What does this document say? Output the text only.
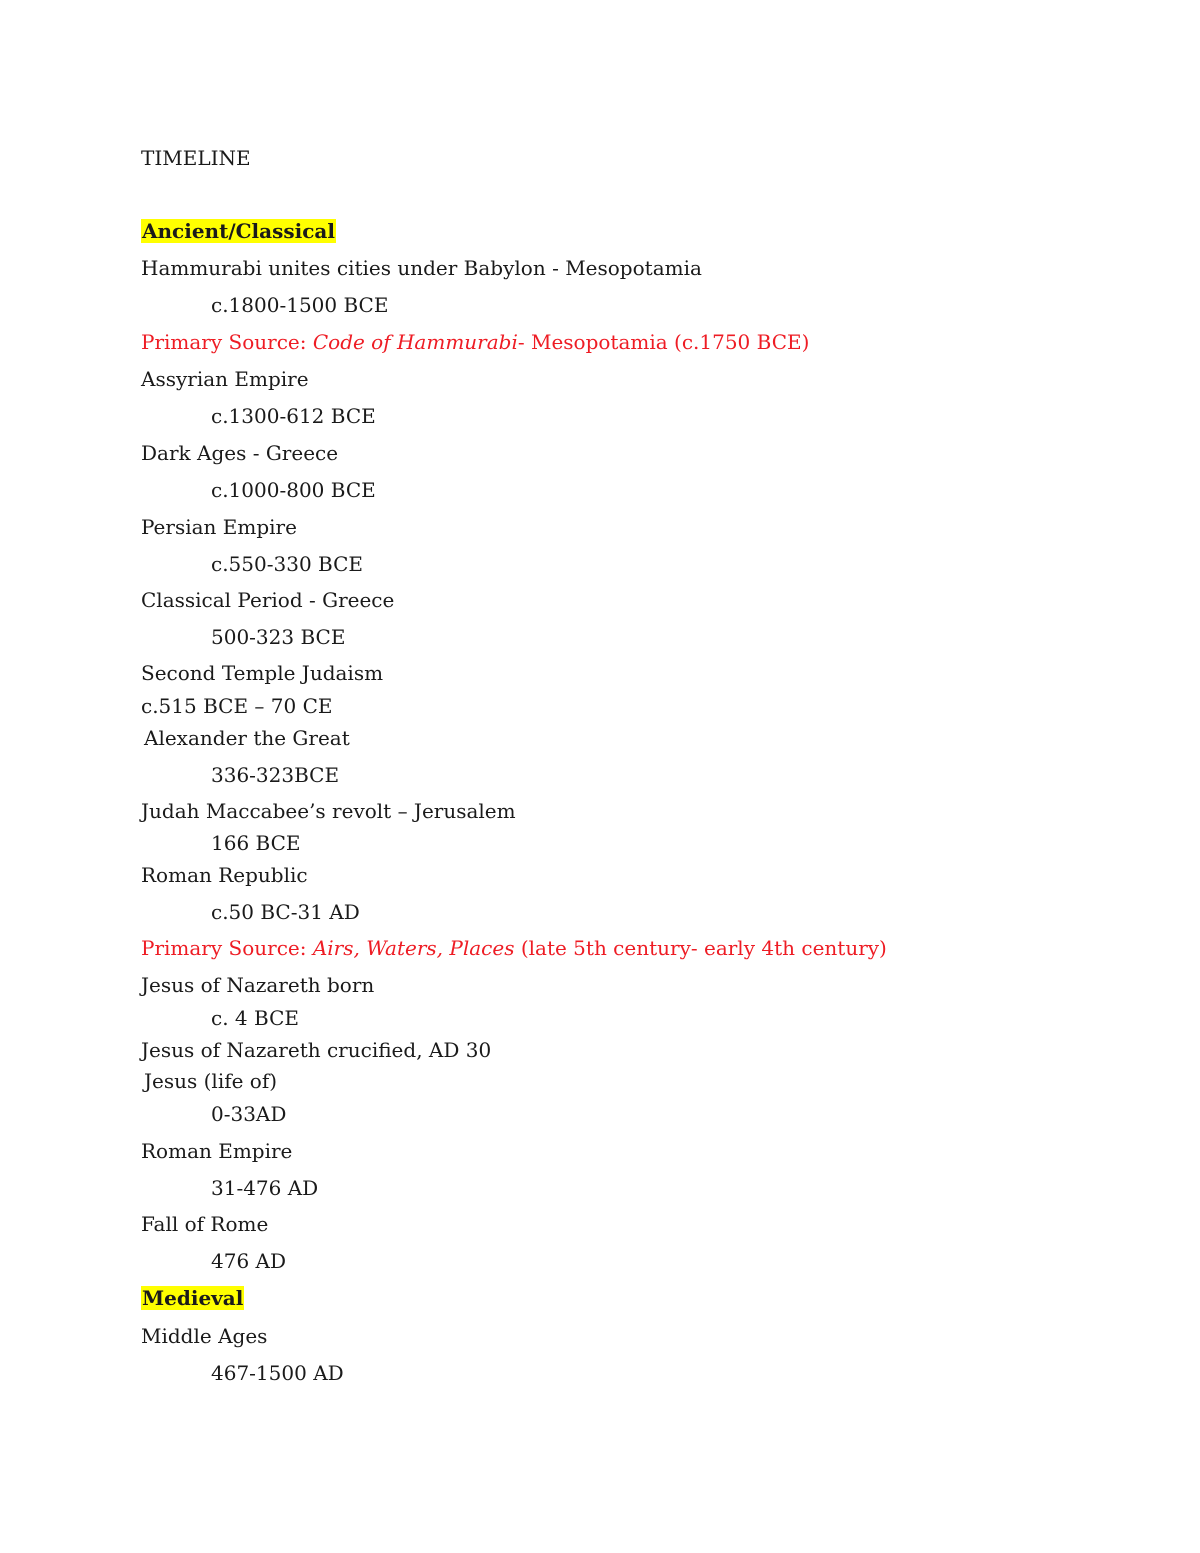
TIMELINE
Ancient/Classical
Hammurabi unites cities under Babylon - Mesopotamia
c.1800-1500 BCE
Primary Source: Code of Hammurabi- Mesopotamia (c.1750 BCE)
Assyrian Empire
c.1300-612 BCE
Dark Ages - Greece
c.1000-800 BCE
Persian Empire
c.550-330 BCE
Classical Period - Greece
500-323 BCE
Second Temple Judaism
c.515 BCE – 70 CE
Alexander the Great
336-323BCE
Judah Maccabee’s revolt – Jerusalem
166 BCE
Roman Republic
c.50 BC-31 AD
Primary Source: Airs, Waters, Places (late 5th century- early 4th century)
Jesus of Nazareth born
c. 4 BCE
Jesus of Nazareth crucified, AD 30
Jesus (life of)
0-33AD
Roman Empire
31-476 AD
Fall of Rome
476 AD
Medieval
Middle Ages
467-1500 AD
